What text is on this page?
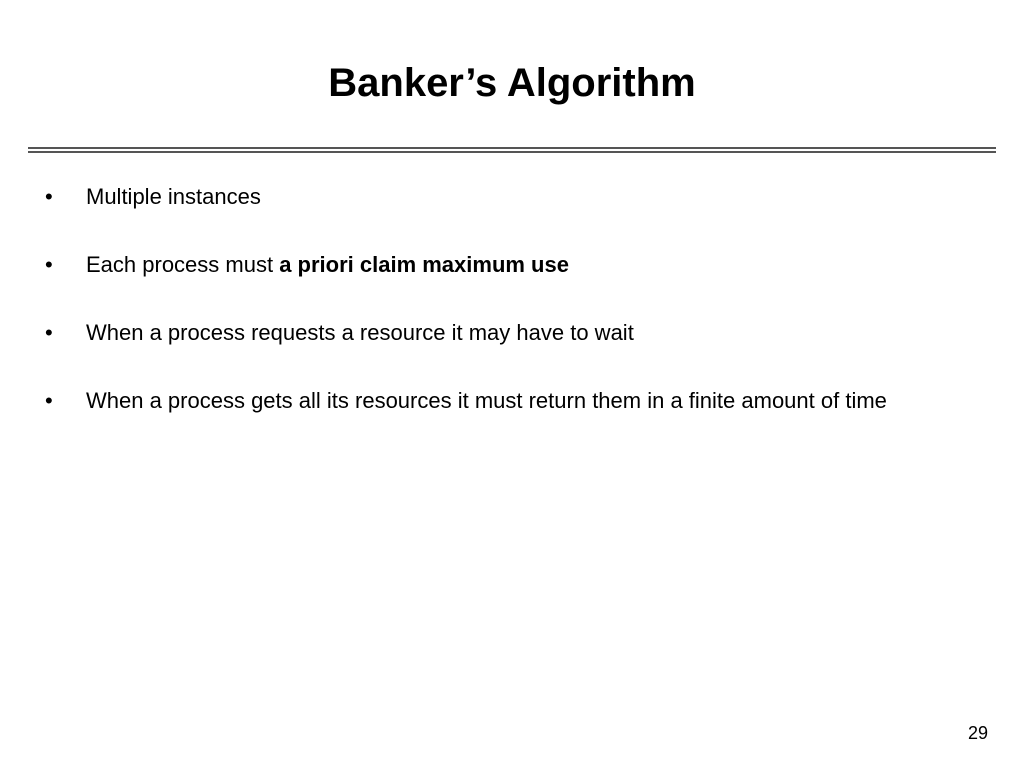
Banker’s Algorithm
• Multiple instances
• Each process must a priori claim maximum use
• When a process requests a resource it may have to wait
• When a process gets all its resources it must return them in a finite amount of time
29
